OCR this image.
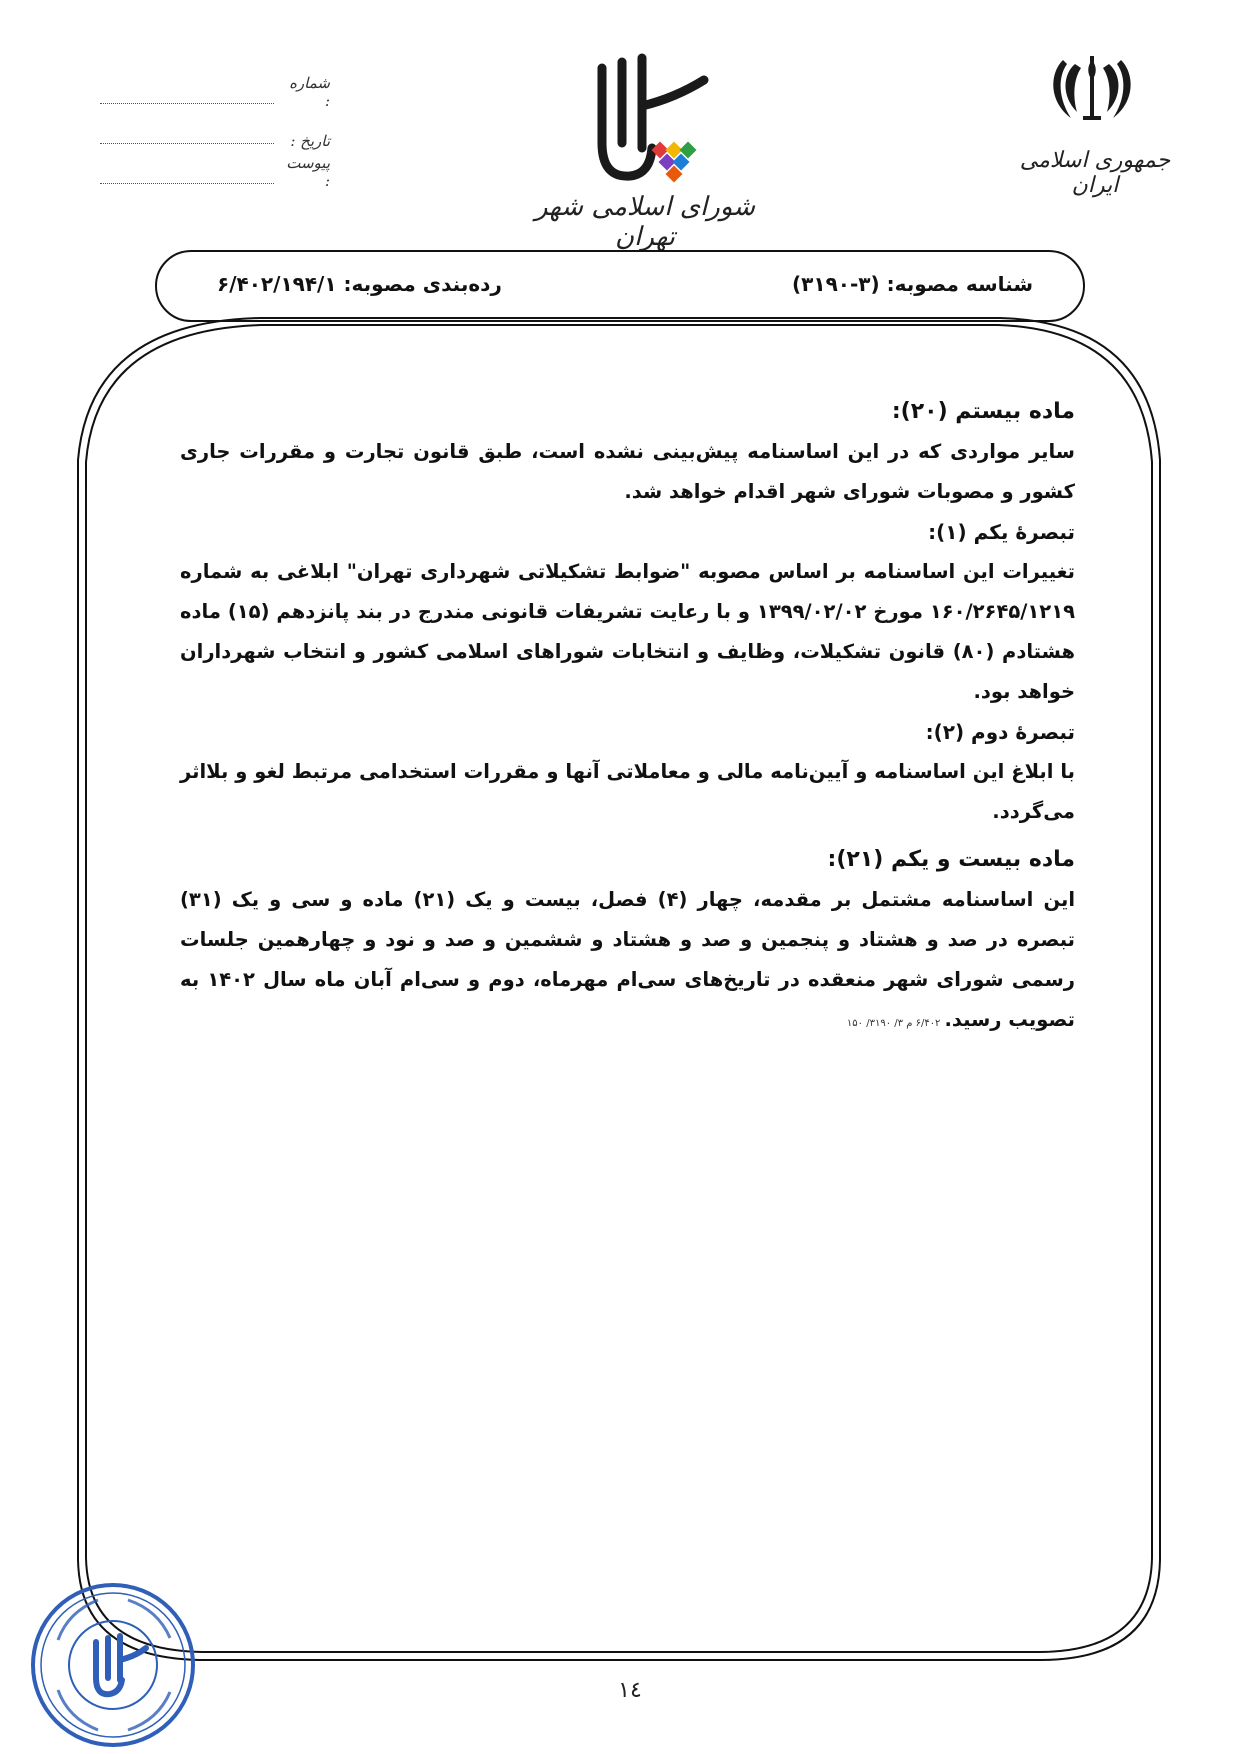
جمهوری اسلامی ایران
شورای اسلامی شهر تهران
شماره :
تاریخ :
پیوست :
شناسه مصوبه: (۳-۳۱۹۰)
رده‌بندی مصوبه: ۶/۴۰۲/۱۹۴/۱

ماده بیستم (۲۰):

سایر مواردی که در این اساسنامه پیش‌بینی نشده است، طبق قانون تجارت و مقررات جاری کشور و مصوبات شورای شهر اقدام خواهد شد.

تبصرهٔ یکم (۱):

تغییرات این اساسنامه بر اساس مصوبه "ضوابط تشکیلاتی شهرداری تهران" ابلاغی به شماره ۱۶۰/۲۶۴۵/۱۲۱۹ مورخ ۱۳۹۹/۰۲/۰۲ و با رعایت تشریفات قانونی مندرج در بند پانزدهم (۱۵) ماده هشتادم (۸۰) قانون تشکیلات، وظایف و انتخابات شوراهای اسلامی کشور و انتخاب شهرداران خواهد بود.

تبصرهٔ دوم (۲):

با ابلاغ این اساسنامه و آیین‌نامه مالی و معاملاتی آنها و مقررات استخدامی مرتبط لغو و بلااثر می‌گردد.

ماده بیست و یکم (۲۱):

این اساسنامه مشتمل بر مقدمه، چهار (۴) فصل، بیست و یک (۲۱) ماده و سی و یک (۳۱) تبصره در صد و هشتاد و پنجمین و صد و هشتاد و ششمین و صد و نود و چهارهمین جلسات رسمی شورای شهر منعقده در تاریخ‌های سی‌ام مهرماه، دوم و سی‌ام آبان ماه سال ۱۴۰۲ به تصویب رسید.۶/۴۰۲ م ۳/ ۳۱۹۰/ ۱۵۰

۱٤
